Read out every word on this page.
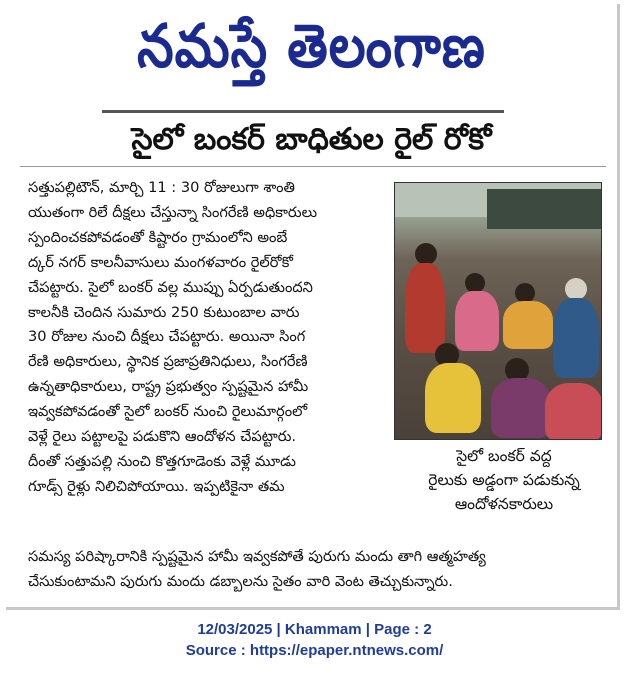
నమస్తే తెలంగాణ
సైలో బంకర్ బాధితుల రైల్ రోకో
సత్తుపల్లిటౌన్, మార్చి 11 : 30 రోజులుగా శాంతి
యుతంగా రిలే దీక్షలు చేస్తున్నా సింగరేణి అధికారులు
స్పందించకపోవడంతో కిష్టారం గ్రామంలోని అంబే
ద్కర్ నగర్ కాలనీవాసులు మంగళవారం రైల్‌రోకో
చేపట్టారు. సైలో బంకర్ వల్ల ముప్పు ఏర్పడుతుందని
కాలనీకి చెందిన సుమారు 250 కుటుంబాల వారు
30 రోజుల నుంచి దీక్షలు చేపట్టారు. అయినా సింగ
రేణి అధికారులు, స్థానిక ప్రజాప్రతినిధులు, సింగరేణి
ఉన్నతాధికారులు, రాష్ట్ర ప్రభుత్వం స్పష్టమైన హామీ
ఇవ్వకపోవడంతో సైలో బంకర్ నుంచి రైలుమార్గంలో
వెళ్లే రైలు పట్టాలపై పడుకొని ఆందోళన చేపట్టారు.
దీంతో సత్తుపల్లి నుంచి కొత్తగూడెంకు వెళ్లే మూడు
గూడ్స్ రైళ్లు నిలిచిపోయాయి. ఇప్పటికైనా తమ
సమస్య పరిష్కారానికి స్పష్టమైన హామీ ఇవ్వకపోతే పురుగు మందు తాగి ఆత్మహత్య
చేసుకుంటామని పురుగు మందు డబ్బాలను సైతం వారి వెంట తెచ్చుకున్నారు.
సైలో బంకర్ వద్ద
రైలుకు అడ్డంగా పడుకున్న
ఆందోళనకారులు
12/03/2025 | Khammam | Page : 2
Source : https://epaper.ntnews.com/
